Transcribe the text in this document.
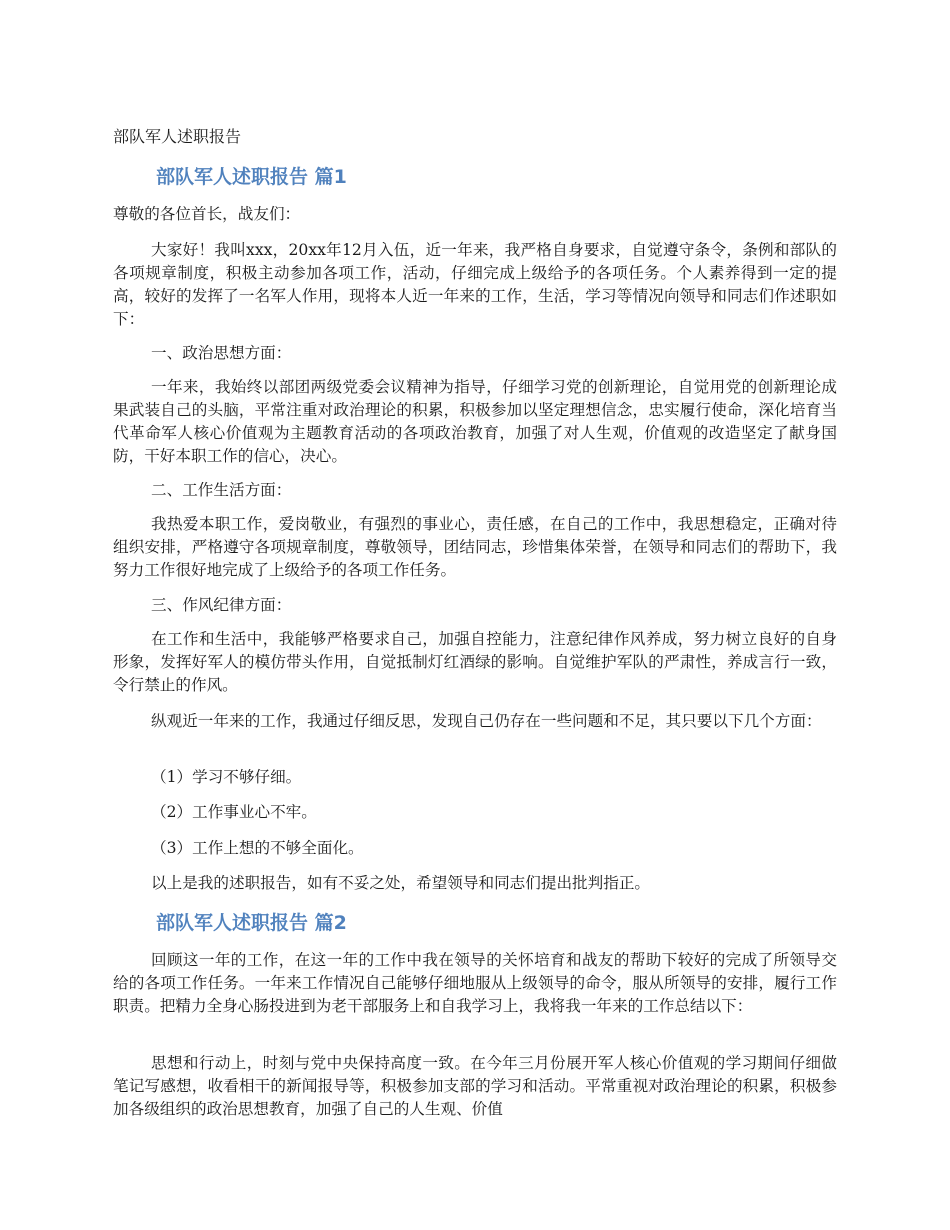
部队军人述职报告
部队军人述职报告 篇1
尊敬的各位首长，战友们：
大家好！我叫xxx，20xx年12月入伍，近一年来，我严格自身要求，自觉遵守条令，条例和部队的各项规章制度，积极主动参加各项工作，活动，仔细完成上级给予的各项任务。个人素养得到一定的提高，较好的发挥了一名军人作用，现将本人近一年来的工作，生活，学习等情况向领导和同志们作述职如下：
一、政治思想方面：
一年来，我始终以部团两级党委会议精神为指导，仔细学习党的创新理论，自觉用党的创新理论成果武装自己的头脑，平常注重对政治理论的积累，积极参加以坚定理想信念，忠实履行使命，深化培育当代革命军人核心价值观为主题教育活动的各项政治教育，加强了对人生观，价值观的改造坚定了献身国防，干好本职工作的信心，决心。
二、工作生活方面：
我热爱本职工作，爱岗敬业，有强烈的事业心，责任感，在自己的工作中，我思想稳定，正确对待组织安排，严格遵守各项规章制度，尊敬领导，团结同志，珍惜集体荣誉，在领导和同志们的帮助下，我努力工作很好地完成了上级给予的各项工作任务。
三、作风纪律方面：
在工作和生活中，我能够严格要求自己，加强自控能力，注意纪律作风养成，努力树立良好的自身形象，发挥好军人的模仿带头作用，自觉抵制灯红酒绿的影响。自觉维护军队的严肃性，养成言行一致，令行禁止的作风。
纵观近一年来的工作，我通过仔细反思，发现自己仍存在一些问题和不足，其只要以下几个方面：
（1）学习不够仔细。
（2）工作事业心不牢。
（3）工作上想的不够全面化。
以上是我的述职报告，如有不妥之处，希望领导和同志们提出批判指正。
部队军人述职报告 篇2
回顾这一年的工作，在这一年的工作中我在领导的关怀培育和战友的帮助下较好的完成了所领导交给的各项工作任务。一年来工作情况自己能够仔细地服从上级领导的命令，服从所领导的安排，履行工作职责。把精力全身心肠投进到为老干部服务上和自我学习上，我将我一年来的工作总结以下：
思想和行动上，时刻与党中央保持高度一致。在今年三月份展开军人核心价值观的学习期间仔细做笔记写感想，收看相干的新闻报导等，积极参加支部的学习和活动。平常重视对政治理论的积累，积极参加各级组织的政治思想教育，加强了自己的人生观、价值
